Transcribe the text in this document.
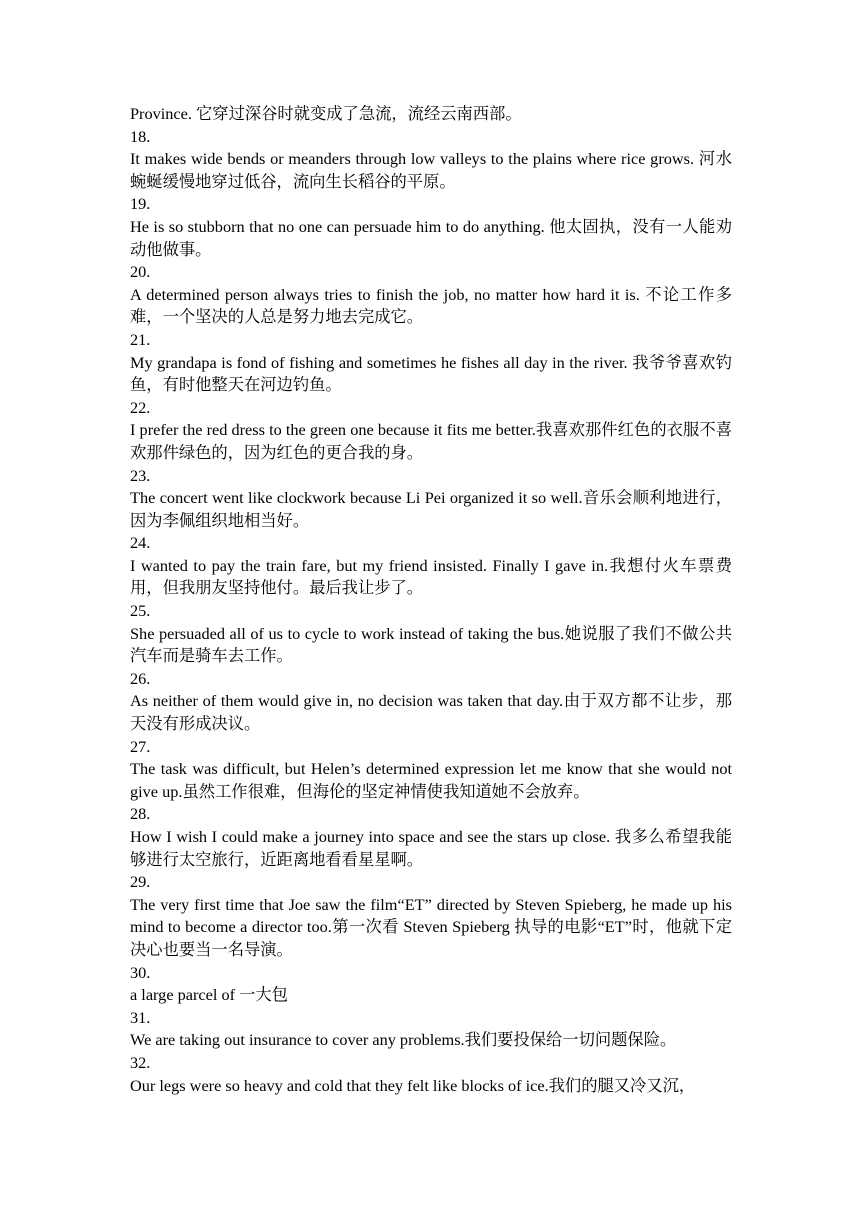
Province. 它穿过深谷时就变成了急流，流经云南西部。

18.

It makes wide bends or meanders through low valleys to the plains where rice grows. 河水蜿蜒缓慢地穿过低谷，流向生长稻谷的平原。

19.

He is so stubborn that no one can persuade him to do anything. 他太固执，没有一人能劝动他做事。

20.

A determined person always tries to finish the job, no matter how hard it is. 不论工作多难，一个坚决的人总是努力地去完成它。

21.

My grandapa is fond of fishing and sometimes he fishes all day in the river. 我爷爷喜欢钓鱼，有时他整天在河边钓鱼。

22.

I prefer the red dress to the green one because it fits me better.我喜欢那件红色的衣服不喜欢那件绿色的，因为红色的更合我的身。

23.

The concert went like clockwork because Li Pei organized it so well.音乐会顺利地进行，因为李佩组织地相当好。

24.

I wanted to pay the train fare, but my friend insisted. Finally I gave in.我想付火车票费用，但我朋友坚持他付。最后我让步了。

25.

She persuaded all of us to cycle to work instead of taking the bus.她说服了我们不做公共汽车而是骑车去工作。

26.

As neither of them would give in, no decision was taken that day.由于双方都不让步，那天没有形成决议。

27.

The task was difficult, but Helen’s determined expression let me know that she would not give up.虽然工作很难，但海伦的坚定神情使我知道她不会放弃。

28.

How I wish I could make a journey into space and see the stars up close. 我多么希望我能够进行太空旅行，近距离地看看星星啊。

29.

The very first time that Joe saw the film“ET” directed by Steven Spieberg, he made up his mind to become a director too.第一次看 Steven Spieberg 执导的电影“ET”时，他就下定决心也要当一名导演。

30.

a large parcel of 一大包

31.

We are taking out insurance to cover any problems.我们要投保给一切问题保险。

32.

Our legs were so heavy and cold that they felt like blocks of ice.我们的腿又冷又沉，
